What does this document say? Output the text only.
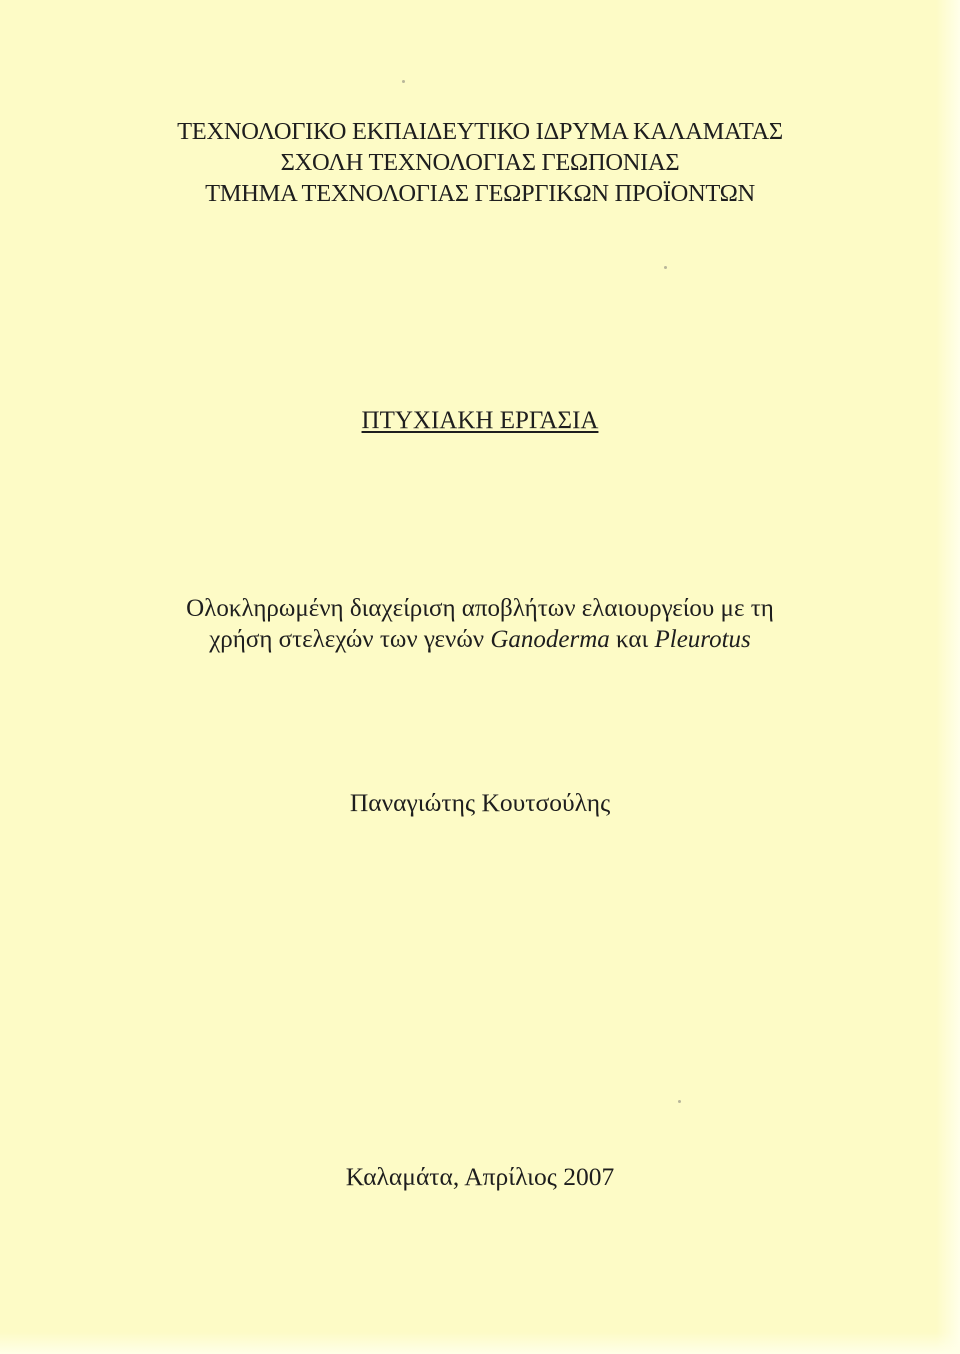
ΤΕΧΝΟΛΟΓΙΚΟ ΕΚΠΑΙΔΕΥΤΙΚΟ ΙΔΡΥΜΑ ΚΑΛΑΜΑΤΑΣ
ΣΧΟΛΗ ΤΕΧΝΟΛΟΓΙΑΣ ΓΕΩΠΟΝΙΑΣ
ΤΜΗΜΑ ΤΕΧΝΟΛΟΓΙΑΣ ΓΕΩΡΓΙΚΩΝ ΠΡΟΪΟΝΤΩΝ
ΠΤΥΧΙΑΚΗ ΕΡΓΑΣΙΑ
Ολοκληρωμένη διαχείριση αποβλήτων ελαιουργείου με τη
χρήση στελεχών των γενών Ganoderma και Pleurotus
Παναγιώτης Κουτσούλης
Καλαμάτα, Απρίλιος 2007
